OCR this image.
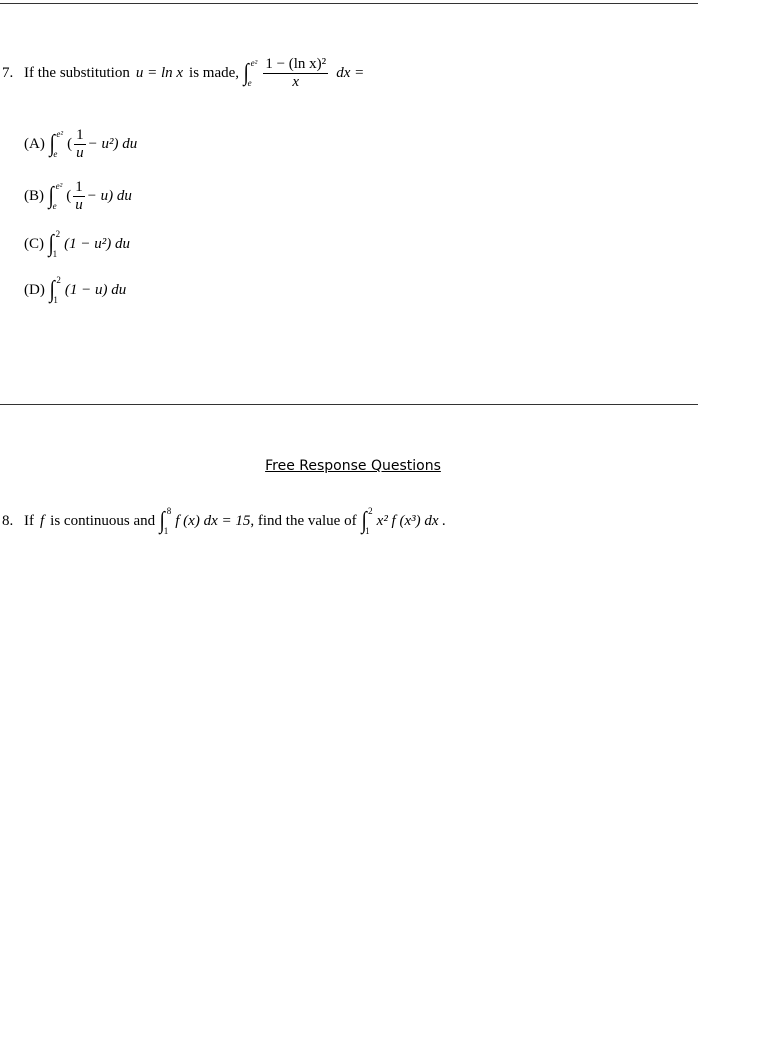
7. If the substitution u = ln x is made, ∫ e²
e $\frac{\text{1 − (ln x)²}}{x}$ dx =
(A) ∫ e²
e
( $\frac{1}{u} - u^2$) du
(B) ∫ e²
e
( $\frac{1}{u} - u$) du
(C) ∫ 2
1
(1 − u²) du
(D) ∫ 2
1
(1 − u) du
Free Response Questions
8. If f is continuous and ∫ 8
1
f (x) dx = 15 , find the value of ∫ 2
1
x² f (x³) dx .
